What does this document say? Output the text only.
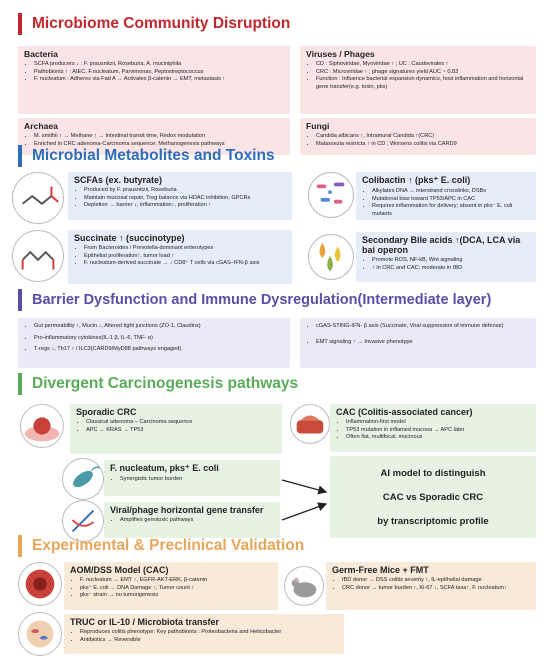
Microbiome Community Disruption
Bacteria
• SCFA producers ↓ : F. prausnitzii, Roseburia, A. muciniphila
• Pathobionts ↑ : AIEC, F.nucleatum, Parvimonas, Peptostreptococcus
• F. nucleatum : Adheres via Fad A → Activates β-catenin → EMT, metastasis ↑
Viruses / Phages
• CD : Siphoviridae, Myoviridae ↑ ; UC : Caudovirales ↑
• CRC : Microviridae ↑ ; phage signatures yield AUC ~ 0.83
• Function : Influence bacterial expansion dynamics, host inflammation and horizontal gene transfer(e.g. toxin, pks)
Archaea
• M. smithii ↑ → Methane ↑ → Intestinal transit time, Redox modulation
• Enriched in CRC adenoma-Carcinoma sequence; Methanogenesis pathways
Fungi
• Candida albicans ↑, Intramural Candida ↑(CRC)
• Malassezia restricta ↑ in CD ; Worsens colitis via CARD9
Microbial Metabolites and Toxins
SCFAs (ex. butyrate)
• Produced by F. prausnitzii, Roseburia
• Maintain mucosal repair, Treg balance via HDAC inhibition, GPCRs
• Depletion → barrier ↓, inflammation↑, proliferation ↑
Colibactin ↑ (pks⁺ E. coli)
• Alkylates DNA → interstrand crosslinks, DSBs
• Mutational bias toward TP53/APC in CAC
• Requires inflammation for delivery; absent in pks⁻ E. coli mutants
Succinate ↑ (succinotype)
• From Bacteroides / Prevotella-dominant enterotypes
• Epithelial proliferation↑, tumor load ↑
• F. nucleatum-derived succinate → ↓ CD8⁺ T cells via cGAS–IFN-β axis
Secondary Bile acids ↑(DCA, LCA via bai operon
• Promote ROS, NF-kB, Wnt signaling
• ↑ in CRC and CAC; moderate in IBD
Barrier Dysfunction and Immune Dysregulation(Intermediate layer)
• Gut permeability ↑, Mucin ↓, Altered tight junctions (ZO-1, Claudins)
• Pro-inflammatory cytokines(IL-1 β, IL-6, TNF- α)
• T-regs ↓, Th17 ↑ / ILC3(CARD9/MyD88 pathways engaged)
• cGAS-STING-IFN- β axis (Succinate, Viral suppression of immune defense)
• EMT signaling ↑ → Invasive phenotype
Divergent Carcinogenesis pathways
Sporadic CRC
• Classical adenoma – Carcinoma sequence
• APC → KRAS → TP53
CAC (Colitis-associated cancer)
• Inflammation-first model
• TP53 mutation in inflamed mucosa → APC later
• Often flat, multifocal, mucinous
F. nucleatum, pks⁺ E. coli
• Synergistic tumor burden
Viral/phage horizontal gene transfer
• Amplifies genotoxic pathways
AI model to distinguish
CAC vs Sporadic CRC
by transcriptomic profile
Experimental & Preclinical Validation
AOM/DSS Model (CAC)
• F. nucleatum → EMT ↑, EGFR-AKT-ERK, β-catenin
• pks⁺ E. coli → DNA Damage ↑, Tumor count ↑
• pks⁻ strain → no tumorigenesis
Germ-Free Mice + FMT
• IBD donor → DSS colitis severity ↑, IL-epithelial damage
• CRC donor → tumor burden ↑, Ki-67 ↓, SCFA taxa↑, F. nucleatum↑
TRUC or IL-10 / Microbiota transfer
• Reproduces colitis phenotype; Key pathobionts : Proteobacteria and Helicobacter
• Antibiotics → Reversible
